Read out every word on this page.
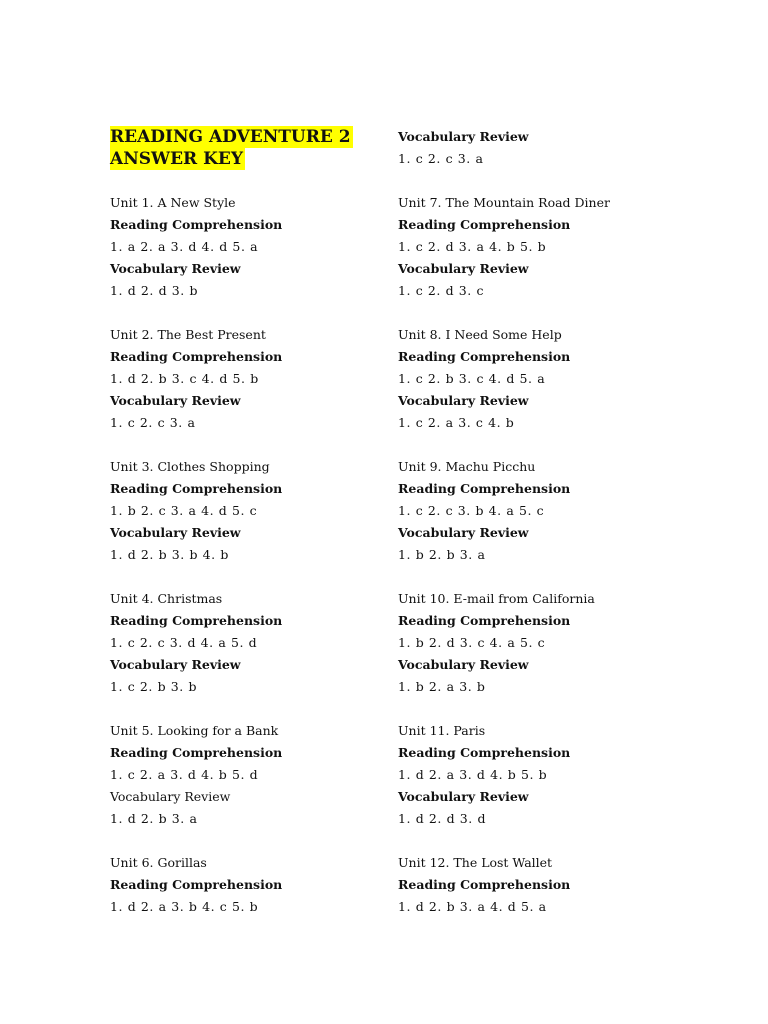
READING ADVENTURE 2

ANSWER KEY

Unit 1. A New Style
Reading Comprehension
1. a 2. a 3. d 4. d 5. a
Vocabulary Review
1. d 2. d 3. b
Unit 2. The Best Present
Reading Comprehension
1. d 2. b 3. c 4. d 5. b
Vocabulary Review
1. c 2. c 3. a
Unit 3. Clothes Shopping
Reading Comprehension
1. b 2. c 3. a 4. d 5. c
Vocabulary Review
1. d 2. b 3. b 4. b
Unit 4. Christmas
Reading Comprehension
1. c 2. c 3. d 4. a 5. d
Vocabulary Review
1. c 2. b 3. b
Unit 5. Looking for a Bank
Reading Comprehension
1. c 2. a 3. d 4. b 5. d
Vocabulary Review
1. d 2. b 3. a
Unit 6. Gorillas
Reading Comprehension
1. d 2. a 3. b 4. c 5. b
Vocabulary Review
1. c 2. c 3. a
Unit 7. The Mountain Road Diner
Reading Comprehension
1. c 2. d 3. a 4. b 5. b
Vocabulary Review
1. c 2. d 3. c
Unit 8. I Need Some Help
Reading Comprehension
1. c 2. b 3. c 4. d 5. a
Vocabulary Review
1. c 2. a 3. c 4. b
Unit 9. Machu Picchu
Reading Comprehension
1. c 2. c 3. b 4. a 5. c
Vocabulary Review
1. b 2. b 3. a
Unit 10. E-mail from California
Reading Comprehension
1. b 2. d 3. c 4. a 5. c
Vocabulary Review
1. b 2. a 3. b
Unit 11. Paris
Reading Comprehension
1. d 2. a 3. d 4. b 5. b
Vocabulary Review
1. d 2. d 3. d
Unit 12. The Lost Wallet
Reading Comprehension
1. d 2. b 3. a 4. d 5. a
